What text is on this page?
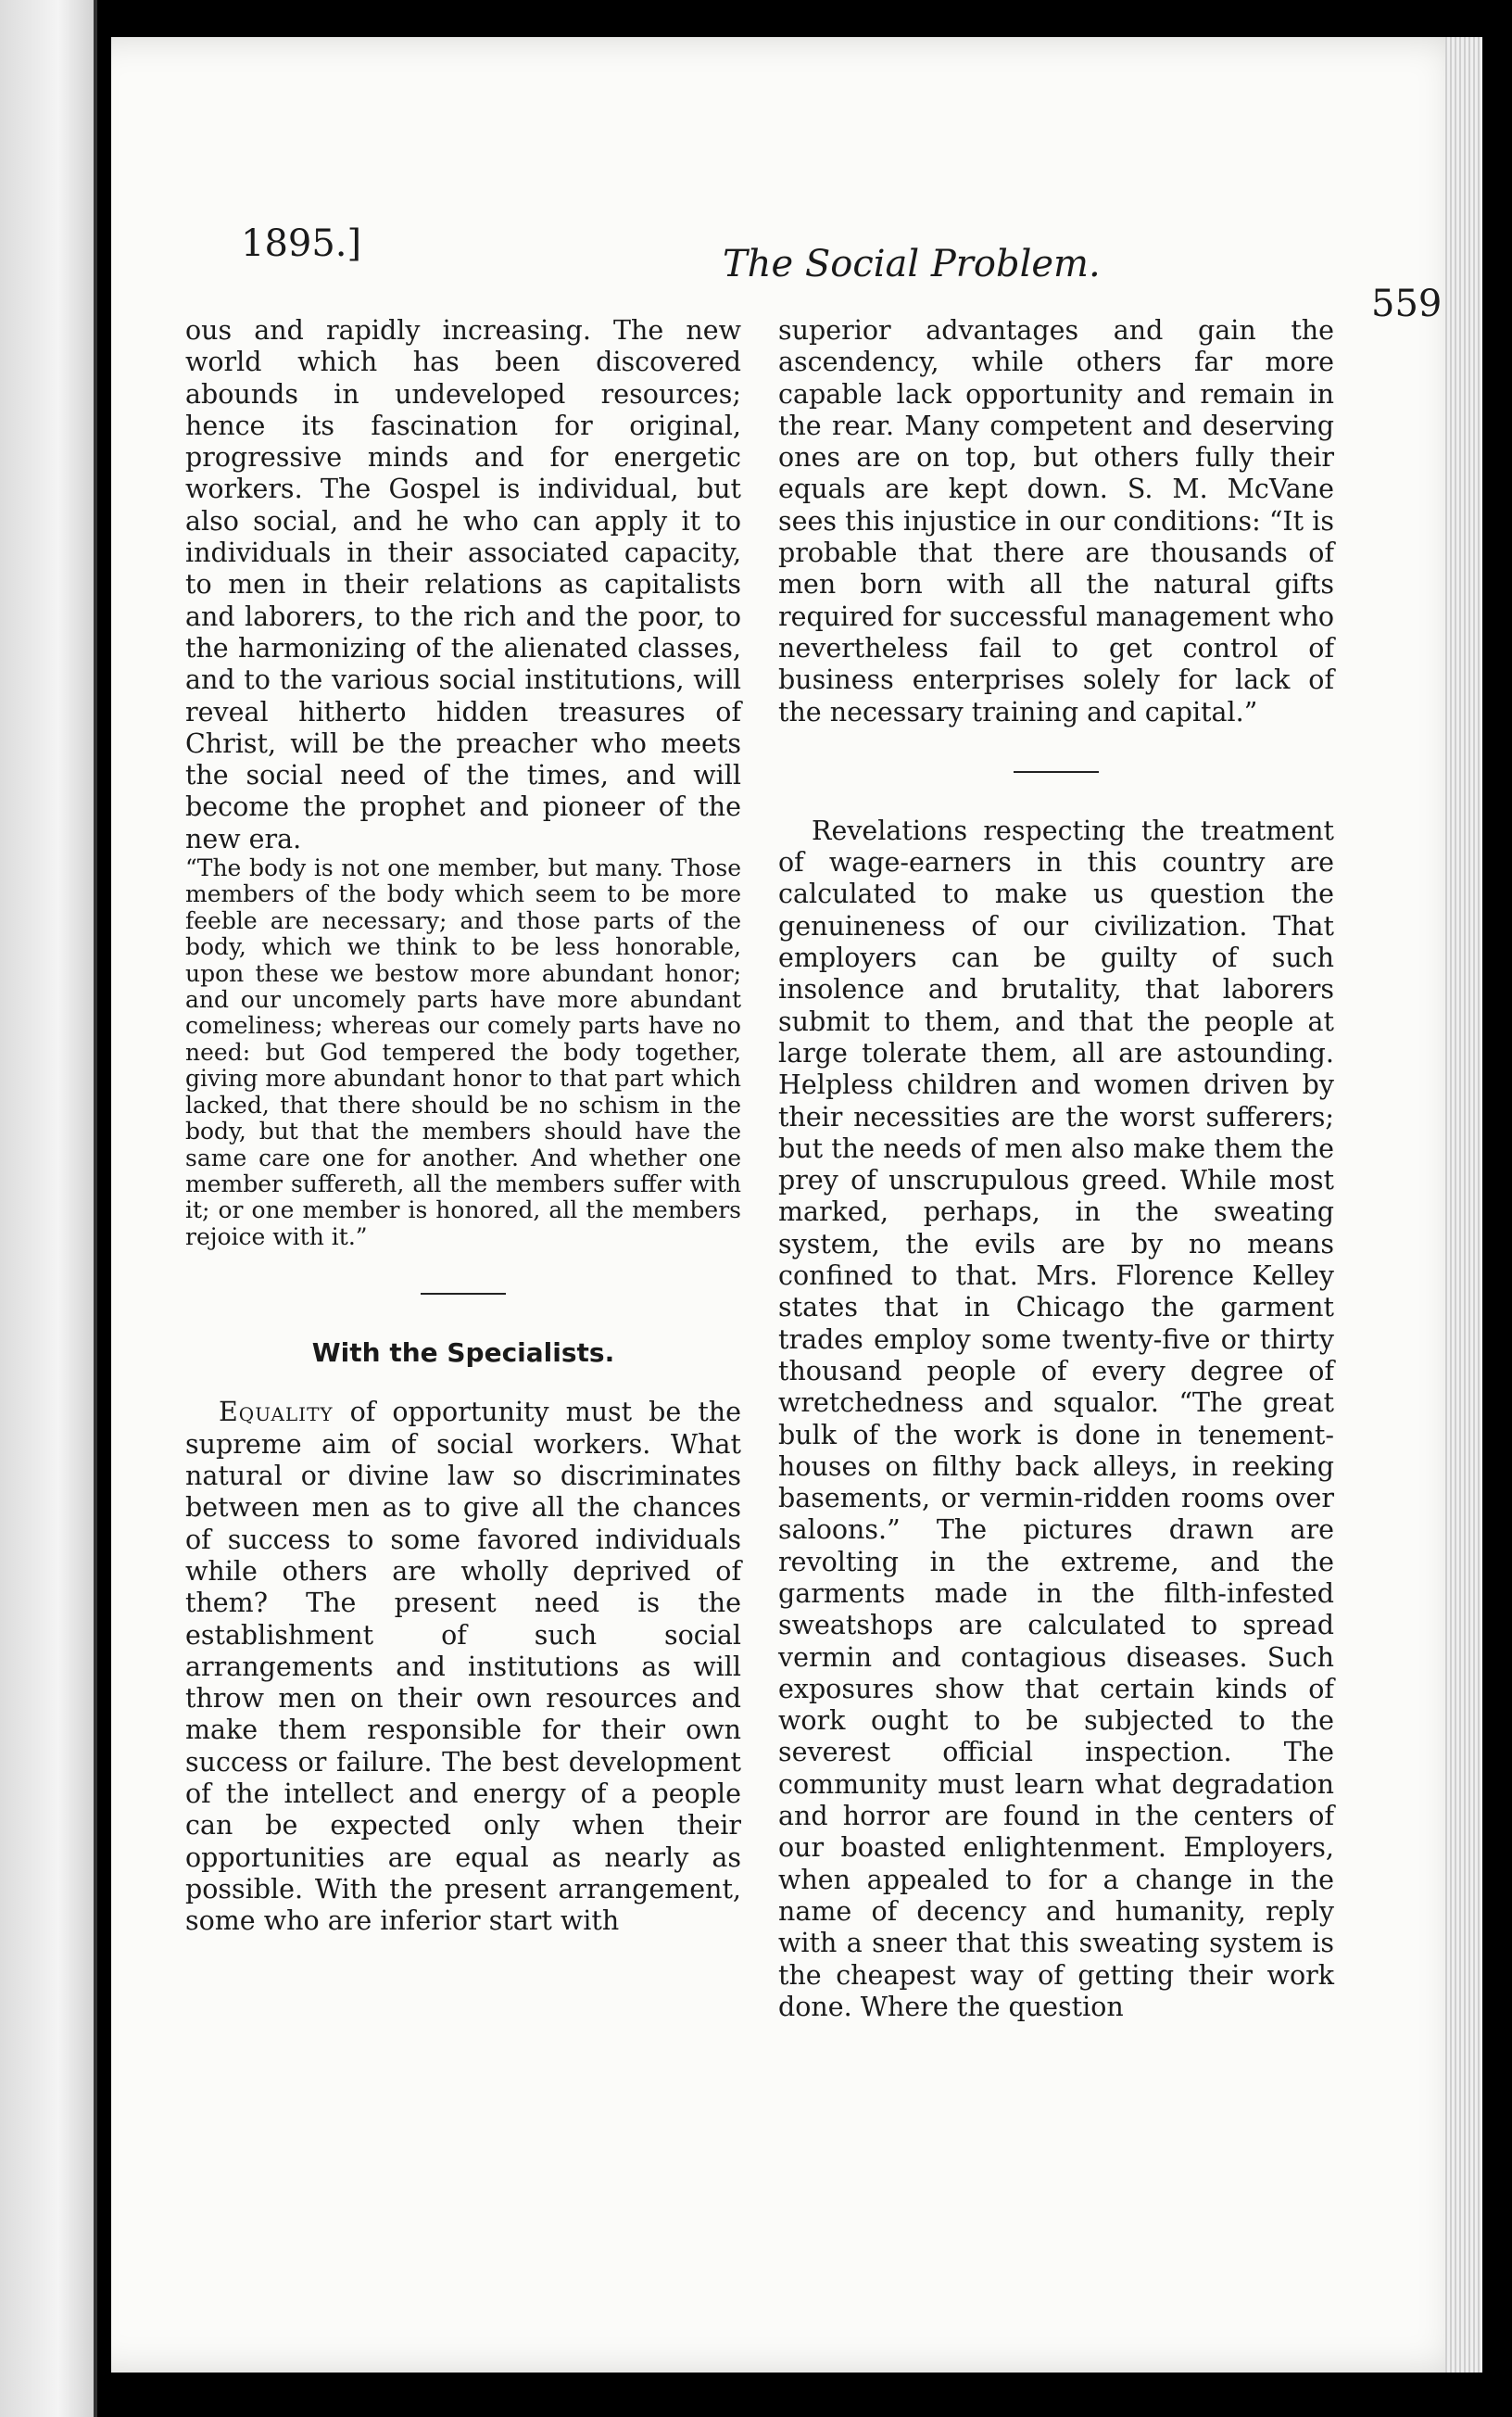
1895.]	The Social Problem.
559

ous and rapidly increasing. The new world which has been discovered abounds in undeveloped resources; hence its fascination for original, progressive minds and for energetic workers. The Gospel is individual, but also social, and he who can apply it to individuals in their associated capacity, to men in their relations as capitalists and laborers, to the rich and the poor, to the harmonizing of the alienated classes, and to the various social institutions, will reveal hitherto hidden treasures of Christ, will be the preacher who meets the social need of the times, and will become the prophet and pioneer of the new era.

“The body is not one member, but many. Those members of the body which seem to be more feeble are necessary; and those parts of the body, which we think to be less honorable, upon these we bestow more abundant honor; and our uncomely parts have more abundant comeliness; whereas our comely parts have no need: but God tempered the body together, giving more abundant honor to that part which lacked, that there should be no schism in the body, but that the members should have the same care one for another. And whether one member suffereth, all the members suffer with it; or one member is honored, all the members rejoice with it.”

With the Specialists.

Equality of opportunity must be the supreme aim of social workers. What natural or divine law so discriminates between men as to give all the chances of success to some favored individuals while others are wholly deprived of them? The present need is the establishment of such social arrangements and institutions as will throw men on their own resources and make them responsible for their own success or failure. The best development of the intellect and energy of a people can be expected only when their opportunities are equal as nearly as possible. With the present arrangement, some who are inferior start with

superior advantages and gain the ascendency, while others far more capable lack opportunity and remain in the rear. Many competent and deserving ones are on top, but others fully their equals are kept down. S. M. McVane sees this injustice in our conditions: “It is probable that there are thousands of men born with all the natural gifts required for successful management who nevertheless fail to get control of business enterprises solely for lack of the necessary training and capital.”

Revelations respecting the treatment of wage-earners in this country are calculated to make us question the genuineness of our civilization. That employers can be guilty of such insolence and brutality, that laborers submit to them, and that the people at large tolerate them, all are astounding. Helpless children and women driven by their necessities are the worst sufferers; but the needs of men also make them the prey of unscrupulous greed. While most marked, perhaps, in the sweating system, the evils are by no means confined to that. Mrs. Florence Kelley states that in Chicago the garment trades employ some twenty-five or thirty thousand people of every degree of wretchedness and squalor. “The great bulk of the work is done in tenement-houses on filthy back alleys, in reeking basements, or vermin-ridden rooms over saloons.” The pictures drawn are revolting in the extreme, and the garments made in the filth-infested sweatshops are calculated to spread vermin and contagious diseases. Such exposures show that certain kinds of work ought to be subjected to the severest official inspection. The community must learn what degradation and horror are found in the centers of our boasted enlightenment. Employers, when appealed to for a change in the name of decency and humanity, reply with a sneer that this sweating system is the cheapest way of getting their work done. Where the question
